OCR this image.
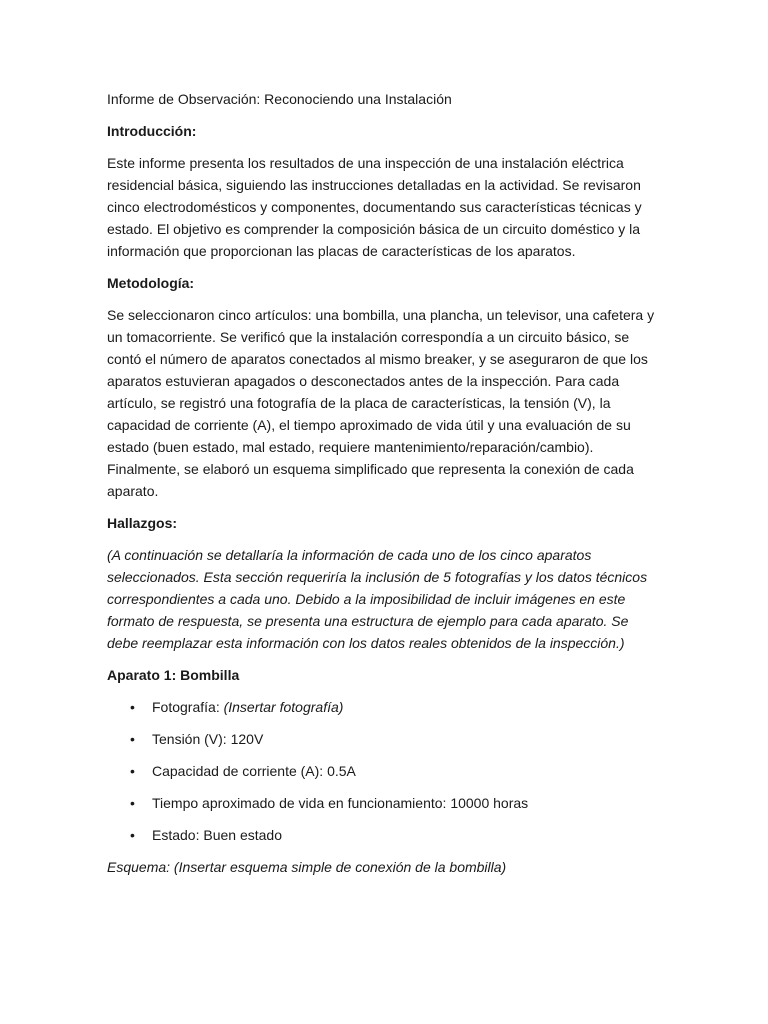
Informe de Observación: Reconociendo una Instalación

Introducción:

Este informe presenta los resultados de una inspección de una instalación eléctrica residencial básica, siguiendo las instrucciones detalladas en la actividad. Se revisaron cinco electrodomésticos y componentes, documentando sus características técnicas y estado. El objetivo es comprender la composición básica de un circuito doméstico y la información que proporcionan las placas de características de los aparatos.

Metodología:

Se seleccionaron cinco artículos: una bombilla, una plancha, un televisor, una cafetera y un tomacorriente. Se verificó que la instalación correspondía a un circuito básico, se contó el número de aparatos conectados al mismo breaker, y se aseguraron de que los aparatos estuvieran apagados o desconectados antes de la inspección. Para cada artículo, se registró una fotografía de la placa de características, la tensión (V), la capacidad de corriente (A), el tiempo aproximado de vida útil y una evaluación de su estado (buen estado, mal estado, requiere mantenimiento/reparación/cambio). Finalmente, se elaboró un esquema simplificado que representa la conexión de cada aparato.

Hallazgos:

(A continuación se detallaría la información de cada uno de los cinco aparatos seleccionados. Esta sección requeriría la inclusión de 5 fotografías y los datos técnicos correspondientes a cada uno. Debido a la imposibilidad de incluir imágenes en este formato de respuesta, se presenta una estructura de ejemplo para cada aparato. Se debe reemplazar esta información con los datos reales obtenidos de la inspección.)

Aparato 1: Bombilla

• Fotografía: (Insertar fotografía)
• Tensión (V): 120V
• Capacidad de corriente (A): 0.5A
• Tiempo aproximado de vida en funcionamiento: 10000 horas
• Estado: Buen estado

Esquema: (Insertar esquema simple de conexión de la bombilla)
